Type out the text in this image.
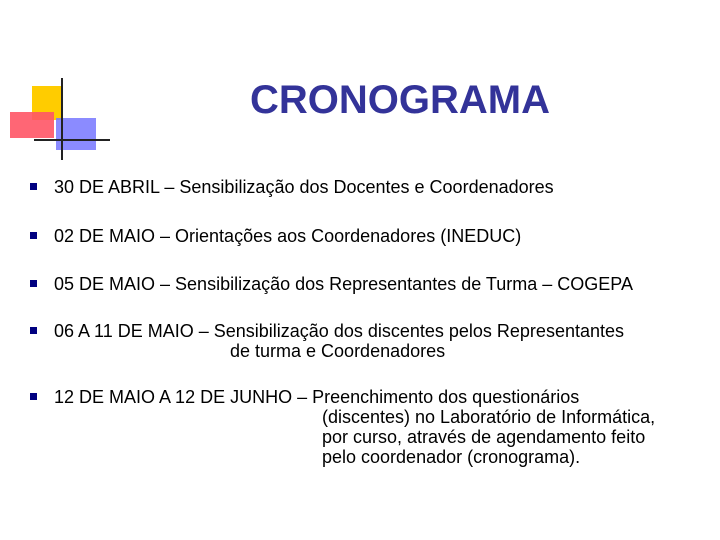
CRONOGRAMA
30 DE ABRIL – Sensibilização dos Docentes e Coordenadores
02 DE MAIO – Orientações aos Coordenadores (INEDUC)
05 DE MAIO – Sensibilização dos Representantes de Turma – COGEPA
06 A 11 DE MAIO – Sensibilização dos discentes pelos Representantes
de turma e Coordenadores
12 DE MAIO A 12 DE JUNHO – Preenchimento dos questionários
(discentes) no Laboratório de Informática,
por curso, através de agendamento feito
pelo coordenador (cronograma).
